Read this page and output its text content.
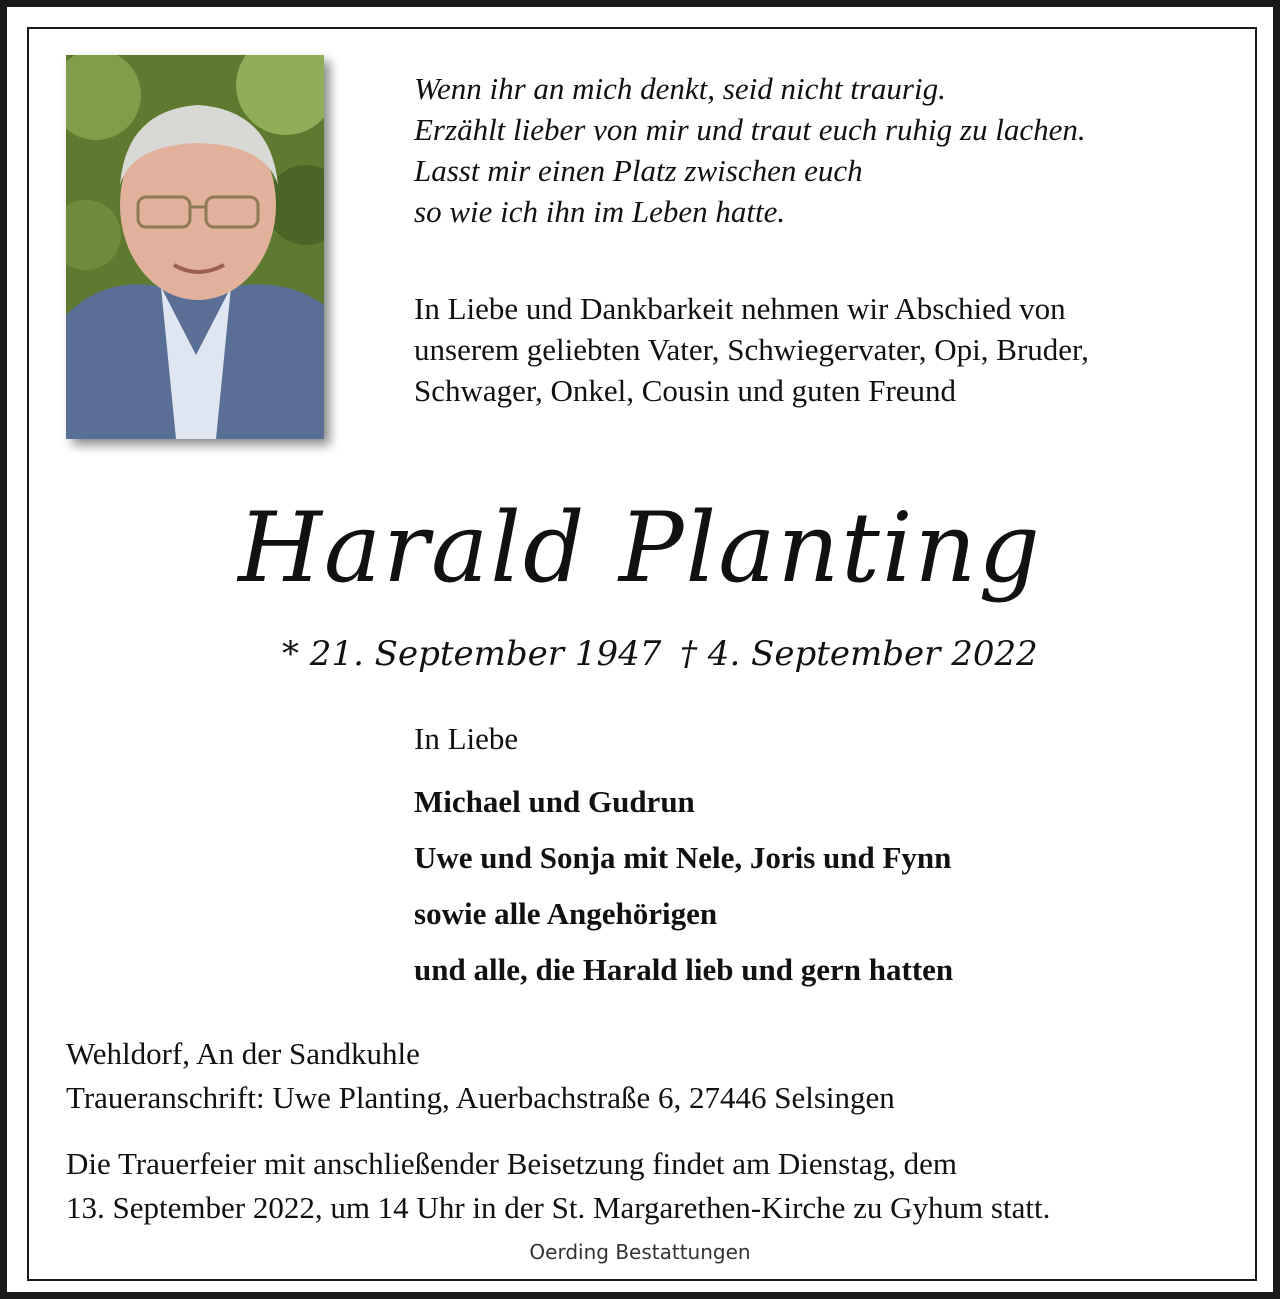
Wenn ihr an mich denkt, seid nicht traurig.
Erzählt lieber von mir und traut euch ruhig zu lachen.
Lasst mir einen Platz zwischen euch
so wie ich ihn im Leben hatte.
In Liebe und Dankbarkeit nehmen wir Abschied von
unserem geliebten Vater, Schwiegervater, Opi, Bruder,
Schwager, Onkel, Cousin und guten Freund
Harald Planting
* 21. September 1947 † 4. September 2022
In Liebe
Michael und Gudrun
Uwe und Sonja mit Nele, Joris und Fynn
sowie alle Angehörigen
und alle, die Harald lieb und gern hatten
Wehldorf, An der Sandkuhle
Traueranschrift: Uwe Planting, Auerbachstraße 6, 27446 Selsingen
Die Trauerfeier mit anschließender Beisetzung findet am Dienstag, dem
13. September 2022, um 14 Uhr in der St. Margarethen-Kirche zu Gyhum statt.
Oerding Bestattungen
